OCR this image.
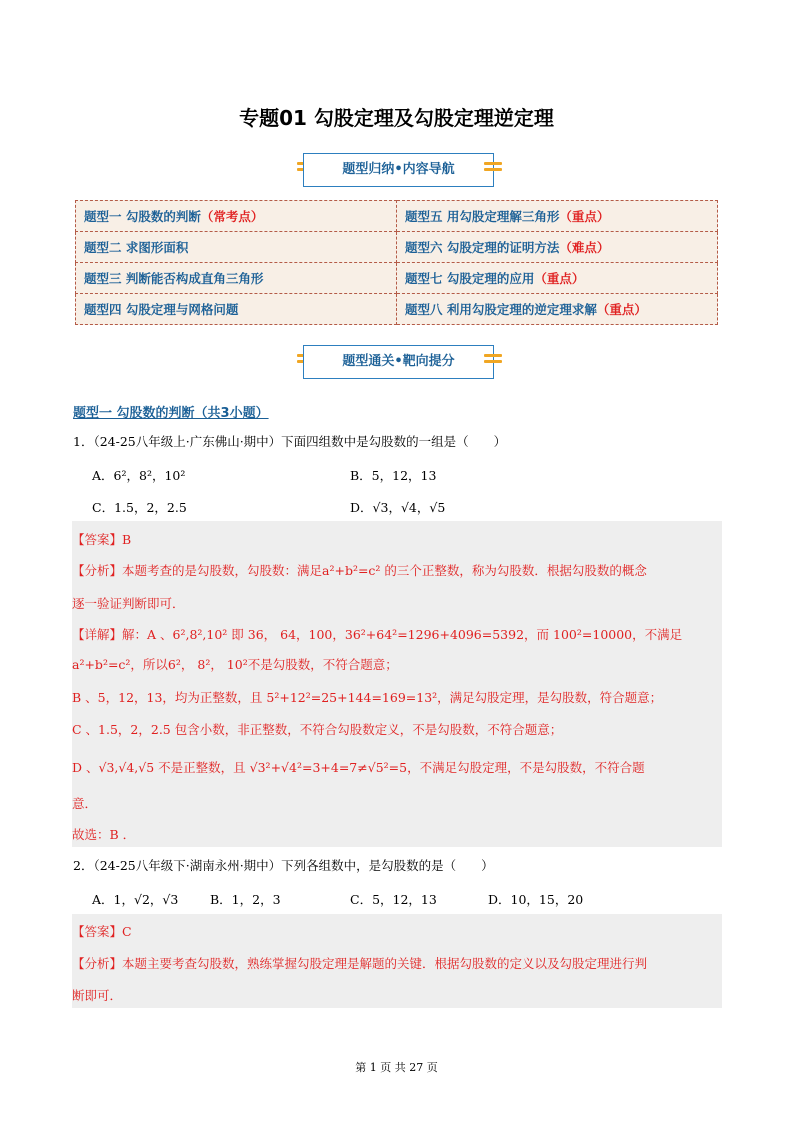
专题01 勾股定理及勾股定理逆定理
题型归纳•内容导航
题型一 勾股数的判断（常考点）	题型五 用勾股定理解三角形（重点）
题型二 求图形面积	题型六 勾股定理的证明方法（难点）
题型三 判断能否构成直角三角形	题型七 勾股定理的应用（重点）
题型四 勾股定理与网格问题	题型八 利用勾股定理的逆定理求解（重点）
题型通关•靶向提分
题型一 勾股数的判断（共3小题）
1．（24-25八年级上·广东佛山·期中）下面四组数中是勾股数的一组是（　　）
A．6²，8²，10²	B．5，12，13
C．1.5，2，2.5	D．√3，√4，√5
【答案】B
【分析】本题考查的是勾股数，勾股数：满足a²+b²=c² 的三个正整数，称为勾股数．根据勾股数的概念
逐一验证判断即可．
【详解】解：A 、6²,8²,10² 即 36， 64，100，36²+64²=1296+4096=5392，而 100²=10000，不满足
a²+b²=c²，所以6²， 8²， 10²不是勾股数，不符合题意；
B 、5，12，13，均为正整数，且 5²+12²=25+144=169=13²，满足勾股定理，是勾股数，符合题意；
C 、1.5，2，2.5 包含小数，非正整数，不符合勾股数定义，不是勾股数，不符合题意；
D 、√3,√4,√5 不是正整数，且 √3²+√4²=3+4=7≠√5²=5，不满足勾股定理，不是勾股数，不符合题
意．
故选：B ．
2．（24-25八年级下·湖南永州·期中）下列各组数中，是勾股数的是（　　）
A．1，√2，√3	B．1，2，3	C．5，12，13	D．10，15，20
【答案】C
【分析】本题主要考查勾股数，熟练掌握勾股定理是解题的关键．根据勾股数的定义以及勾股定理进行判
断即可．
第 1 页 共 27 页
